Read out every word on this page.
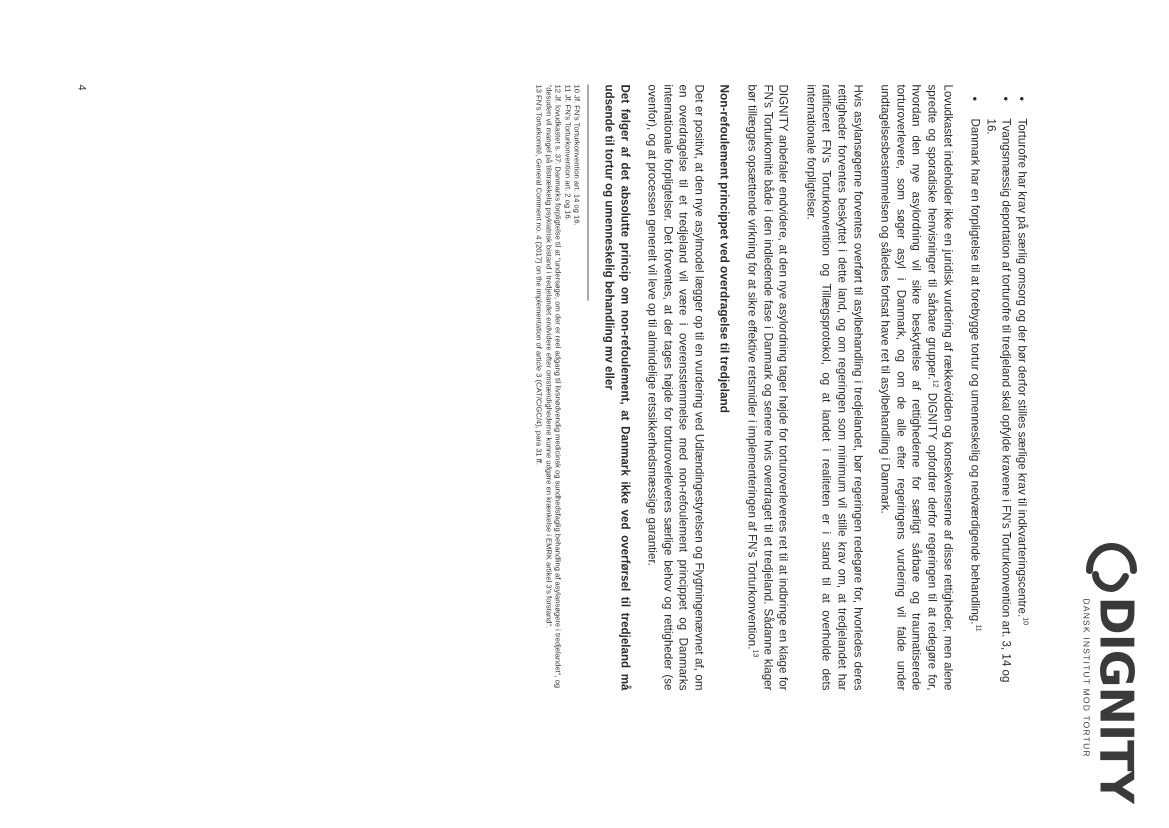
DIGNITY
DANSK INSTITUT MOD TORTUR
•
Torturofre har krav på særlig omsorg og der bør derfor stilles særlige krav til indkvarteringscentre.$^{10}$
•
Tvangsmæssig deportation af torturofre til tredjeland skal opfylde kravene i FN's Torturkonvention art. 3, 14 og 16.
•
Danmark har en forpligtelse til at forebygge tortur og umenneskelig og nedværdigende behandling.$^{11}$

Lovudkastet indeholder ikke en juridisk vurdering af rækkevidden og konsekvenserne af disse rettigheder, men alene spredte og sporadiske henvisninger til sårbare grupper.$^{12}$ DIGNITY opfordrer derfor regeringen til at redegøre for, hvordan den nye asylordning vil sikre beskyttelse af rettighederne for særligt sårbare og traumatiserede torturoverlevere, som søger asyl i Danmark, og om de alle efter regeringens vurdering vil falde under undtagelsesbestemmelsen og således fortsat have ret til asylbehandling i Danmark.

Hvis asylansøgerne forventes overført til asylbehandling i tredjelandet, bør regeringen redegøre for, hvorledes deres rettigheder forventes beskyttet i dette land, og om regeringen som minimum vil stille krav om, at tredjelandet har ratificeret FN's Torturkonvention og Tillægsprotokol, og at landet i realiteten er i stand til at overholde dets internationale forpligtelser.

DIGNITY anbefaler endvidere, at den nye asylordning tager højde for torturoverleveres ret til at indbringe en klage for FN's Torturkomité både i den indledende fase i Danmark og senere hvis overdraget til et tredjeland. Sådanne klager bør tillægges opsættende virkning for at sikre effektive retsmidler i implementeringen af FN's Torturkonvention.$^{13}$

Non-refoulement princippet ved overdragelse til tredjeland

Det er positivt, at den nye asylmodel lægger op til en vurdering ved Udlændingestyrelsen og Flygtningenævnet af, om en overdragelse til et tredjeland vil være i overensstemmelse med non-refoulement princippet og Danmarks internationale forpligtelser. Det forventes, at der tages højde for torturoverleveres særlige behov og rettigheder (se ovenfor), og at processen generelt vil leve op til almindelige retssikkerhedsmæssige garantier.

Det følger af det absolutte princip om non-refoulement, at Danmark ikke ved overførsel til tredjeland må udsende til tortur og umenneskelig behandling mv eller

10 Jf. FN's Torturkonvention art. 14 og 16.
11 Jf. FN's Torturkonvention art. 2 og 16.
12 Jf. lovudkastet s. 37: Danmarks forpligtelse til at "undersøge, om der er reel adgang til livsnødvendig medicinsk og sundhedsfaglig behandling af asylansøgere i tredjelandet", og "desuden vil mangel på tilstrækkelig psykiatrisk bistand i tredjelandet endvidere efter omstændighederne kunne udgøre en krænkelse i EMRK artikel 3's forstand".
13 FN's Torturkomité, General Comment no. 4 (2017) on the implementation of article 3 (CAT/C/GC/4), para 31 ff.
4
